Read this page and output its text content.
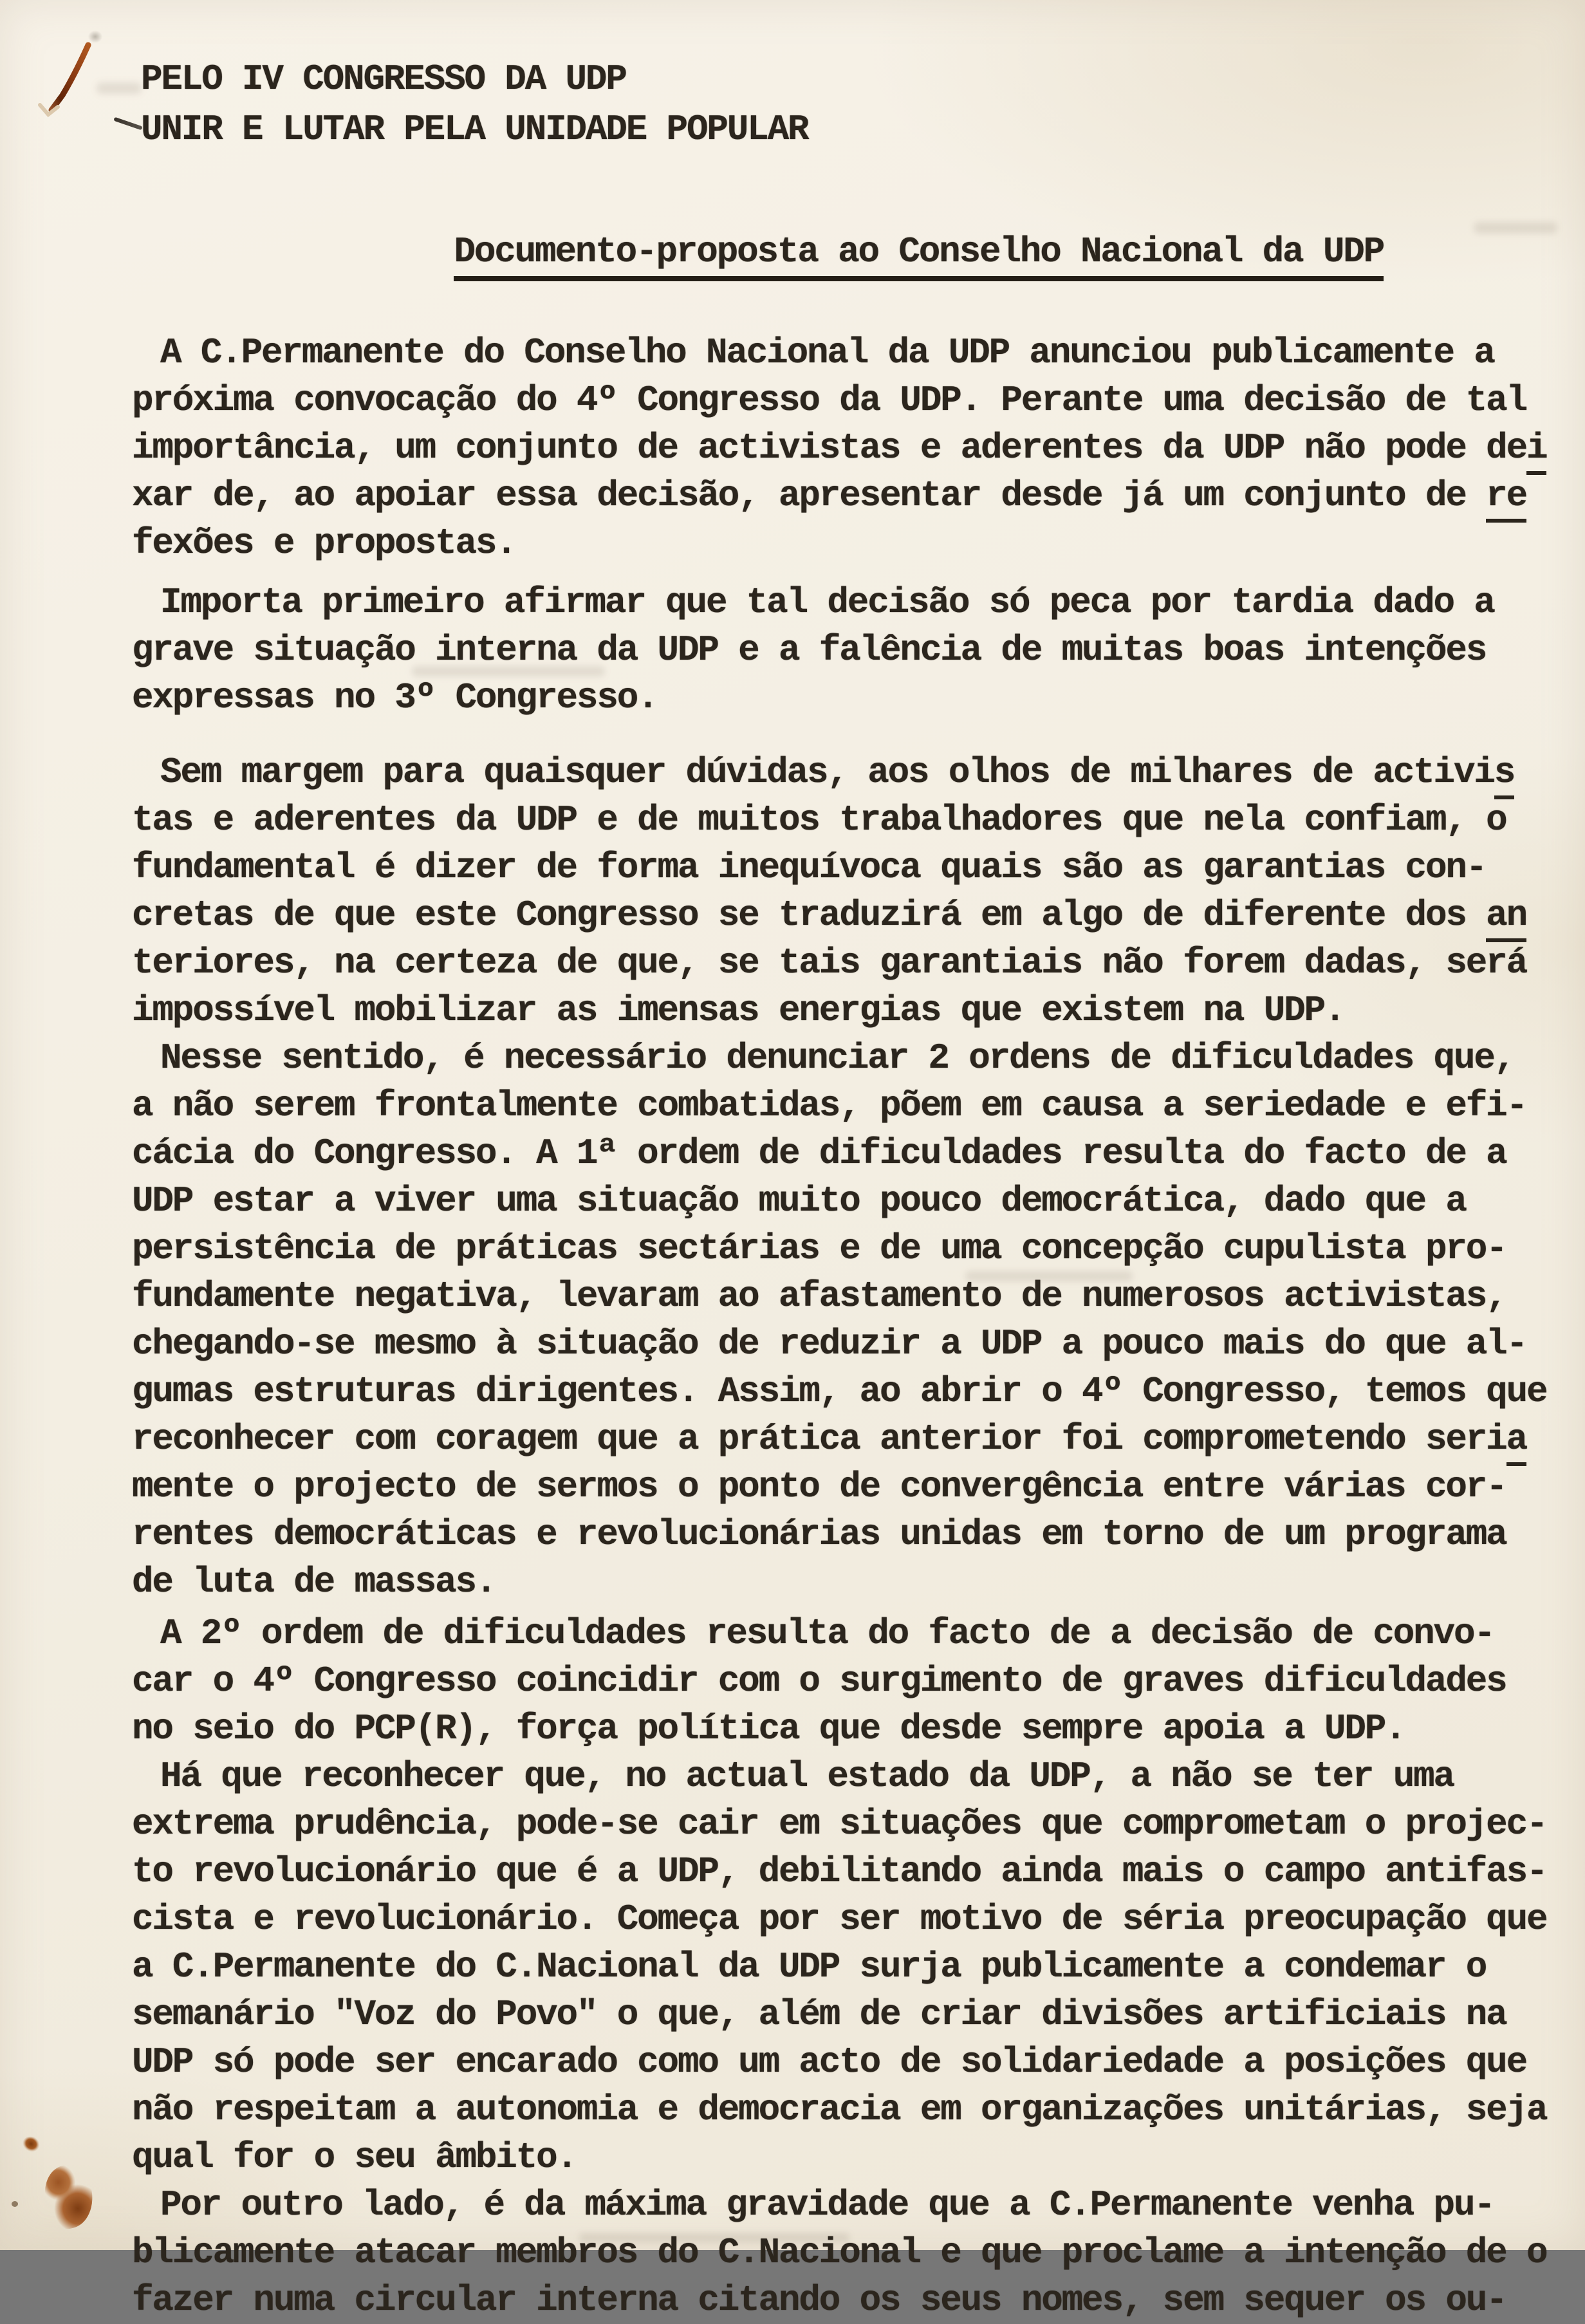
PELO IV CONGRESSO DA UDP
UNIR E LUTAR PELA UNIDADE POPULAR

Documento-proposta ao Conselho Nacional da UDP

A C.Permanente do Conselho Nacional da UDP anunciou publicamente a
próxima convocação do 4º Congresso da UDP. Perante uma decisão de tal
importância, um conjunto de activistas e aderentes da UDP não pode dei
xar de, ao apoiar essa decisão, apresentar desde já um conjunto de re
fexões e propostas.
Importa primeiro afirmar que tal decisão só peca por tardia dado a
grave situação interna da UDP e a falência de muitas boas intenções
expressas no 3º Congresso.
Sem margem para quaisquer dúvidas, aos olhos de milhares de activis
tas e aderentes da UDP e de muitos trabalhadores que nela confiam, o
fundamental é dizer de forma inequívoca quais são as garantias con-
cretas de que este Congresso se traduzirá em algo de diferente dos an
teriores, na certeza de que, se tais garantiais não forem dadas, será
impossível mobilizar as imensas energias que existem na UDP.
Nesse sentido, é necessário denunciar 2 ordens de dificuldades que,
a não serem frontalmente combatidas, põem em causa a seriedade e efi-
cácia do Congresso. A 1ª ordem de dificuldades resulta do facto de a
UDP estar a viver uma situação muito pouco democrática, dado que a
persistência de práticas sectárias e de uma concepção cupulista pro-
fundamente negativa, levaram ao afastamento de numerosos activistas,
chegando-se mesmo à situação de reduzir a UDP a pouco mais do que al-
gumas estruturas dirigentes. Assim, ao abrir o 4º Congresso, temos que
reconhecer com coragem que a prática anterior foi comprometendo seria
mente o projecto de sermos o ponto de convergência entre várias cor-
rentes democráticas e revolucionárias unidas em torno de um programa
de luta de massas.
A 2º ordem de dificuldades resulta do facto de a decisão de convo-
car o 4º Congresso coincidir com o surgimento de graves dificuldades
no seio do PCP(R), força política que desde sempre apoia a UDP.
Há que reconhecer que, no actual estado da UDP, a não se ter uma
extrema prudência, pode-se cair em situações que comprometam o projec-
to revolucionário que é a UDP, debilitando ainda mais o campo antifas-
cista e revolucionário. Começa por ser motivo de séria preocupação que
a C.Permanente do C.Nacional da UDP surja publicamente a condemar o
semanário "Voz do Povo" o que, além de criar divisões artificiais na
UDP só pode ser encarado como um acto de solidariedade a posições que
não respeitam a autonomia e democracia em organizações unitárias, seja
qual for o seu âmbito.
Por outro lado, é da máxima gravidade que a C.Permanente venha pu-
blicamente atacar membros do C.Nacional e que proclame a intenção de o
fazer numa circular interna citando os seus nomes, sem sequer os ou-
